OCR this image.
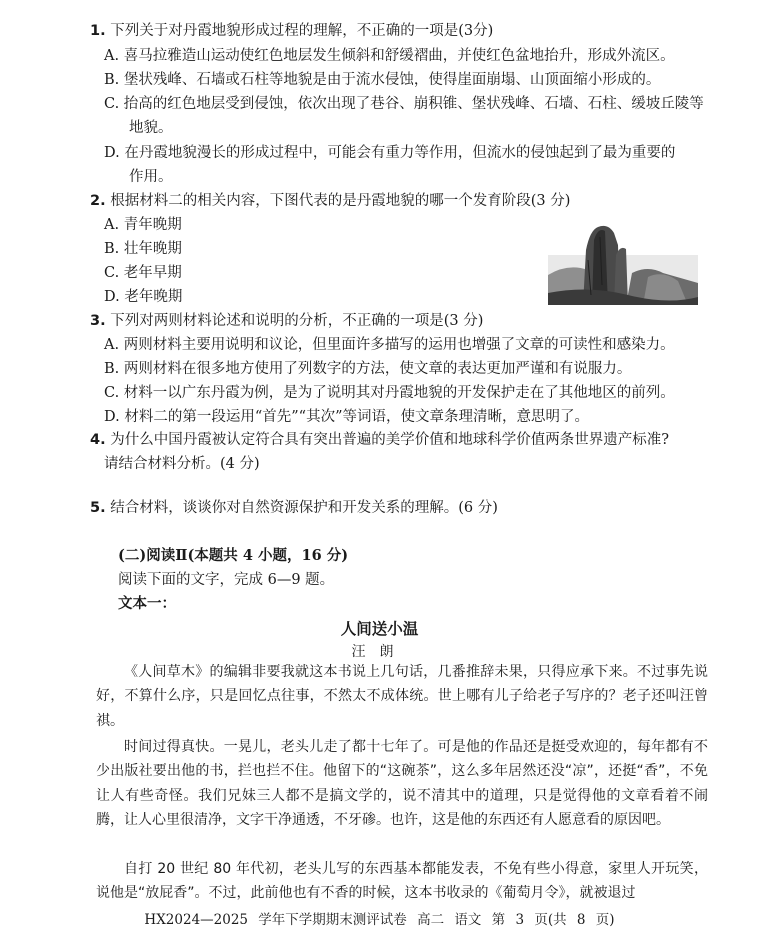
1. 下列关于对丹霞地貌形成过程的理解，不正确的一项是(3分)
A. 喜马拉雅造山运动使红色地层发生倾斜和舒缓褶曲，并使红色盆地抬升，形成外流区。
B. 堡状残峰、石墙或石柱等地貌是由于流水侵蚀，使得崖面崩塌、山顶面缩小形成的。
C. 抬高的红色地层受到侵蚀，依次出现了巷谷、崩积锥、堡状残峰、石墙、石柱、缓坡丘陵等
地貌。
D. 在丹霞地貌漫长的形成过程中，可能会有重力等作用，但流水的侵蚀起到了最为重要的
作用。
2. 根据材料二的相关内容，下图代表的是丹霞地貌的哪一个发育阶段(3 分)
A. 青年晚期
B. 壮年晚期
C. 老年早期
D. 老年晚期
3. 下列对两则材料论述和说明的分析，不正确的一项是(3 分)
A. 两则材料主要用说明和议论，但里面许多描写的运用也增强了文章的可读性和感染力。
B. 两则材料在很多地方使用了列数字的方法，使文章的表达更加严谨和有说服力。
C. 材料一以广东丹霞为例，是为了说明其对丹霞地貌的开发保护走在了其他地区的前列。
D. 材料二的第一段运用“首先”“其次”等词语，使文章条理清晰，意思明了。
4. 为什么中国丹霞被认定符合具有突出普遍的美学价值和地球科学价值两条世界遗产标准?
请结合材料分析。(4 分)
5. 结合材料，谈谈你对自然资源保护和开发关系的理解。(6 分)
(二)阅读Ⅱ(本题共 4 小题，16 分)
阅读下面的文字，完成 6—9 题。
文本一：
人间送小温
汪朗
《人间草木》的编辑非要我就这本书说上几句话，几番推辞未果，只得应承下来。不过事先说好，不算什么序，只是回忆点往事，不然太不成体统。世上哪有儿子给老子写序的？老子还叫汪曾祺。
时间过得真快。一晃儿，老头儿走了都十七年了。可是他的作品还是挺受欢迎的，每年都有不少出版社要出他的书，拦也拦不住。他留下的“这碗茶”，这么多年居然还没“凉”，还挺“香”，不免让人有些奇怪。我们兄妹三人都不是搞文学的，说不清其中的道理，只是觉得他的文章看着不闹腾，让人心里很清净，文字干净通透，不牙碜。也许，这是他的东西还有人愿意看的原因吧。
自打 20 世纪 80 年代初，老头儿写的东西基本都能发表，不免有些小得意，家里人开玩笑，说他是“放屁香”。不过，此前他也有不香的时候，这本书收录的《葡萄月令》，就被退过
HX2024—2025 学年下学期期末测评试卷 高二 语文 第 3 页(共 8 页)
